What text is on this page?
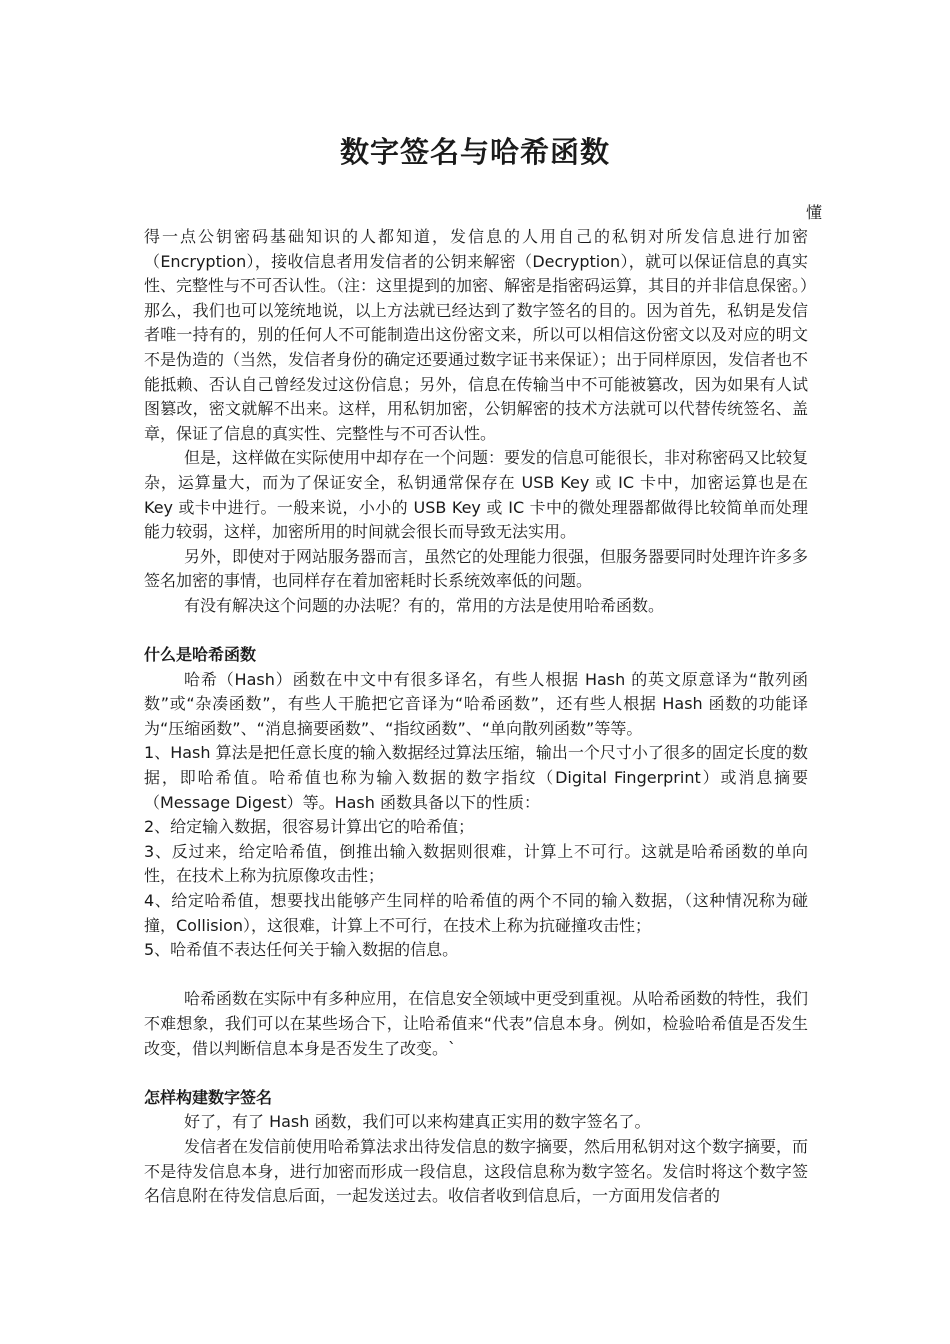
数字签名与哈希函数
懂

得一点公钥密码基础知识的人都知道，发信息的人用自己的私钥对所发信息进行加密（Encryption），接收信息者用发信者的公钥来解密（Decryption），就可以保证信息的真实性、完整性与不可否认性。（注：这里提到的加密、解密是指密码运算，其目的并非信息保密。）那么，我们也可以笼统地说，以上方法就已经达到了数字签名的目的。因为首先，私钥是发信者唯一持有的，别的任何人不可能制造出这份密文来，所以可以相信这份密文以及对应的明文不是伪造的（当然，发信者身份的确定还要通过数字证书来保证）；出于同样原因，发信者也不能抵赖、否认自己曾经发过这份信息；另外，信息在传输当中不可能被篡改，因为如果有人试图篡改，密文就解不出来。这样，用私钥加密，公钥解密的技术方法就可以代替传统签名、盖章，保证了信息的真实性、完整性与不可否认性。

但是，这样做在实际使用中却存在一个问题：要发的信息可能很长，非对称密码又比较复杂，运算量大，而为了保证安全，私钥通常保存在 USB Key 或 IC 卡中，加密运算也是在 Key 或卡中进行。一般来说，小小的 USB Key 或 IC 卡中的微处理器都做得比较简单而处理能力较弱，这样，加密所用的时间就会很长而导致无法实用。

另外，即使对于网站服务器而言，虽然它的处理能力很强，但服务器要同时处理许许多多签名加密的事情，也同样存在着加密耗时长系统效率低的问题。

有没有解决这个问题的办法呢？有的，常用的方法是使用哈希函数。

什么是哈希函数

哈希（Hash）函数在中文中有很多译名，有些人根据 Hash 的英文原意译为“散列函数”或“杂凑函数”，有些人干脆把它音译为“哈希函数”，还有些人根据 Hash 函数的功能译为“压缩函数”、“消息摘要函数”、“指纹函数”、“单向散列函数”等等。

1、Hash 算法是把任意长度的输入数据经过算法压缩，输出一个尺寸小了很多的固定长度的数据，即哈希值。哈希值也称为输入数据的数字指纹（Digital Fingerprint）或消息摘要（Message Digest）等。Hash 函数具备以下的性质：

2、给定输入数据，很容易计算出它的哈希值；

3、反过来，给定哈希值，倒推出输入数据则很难，计算上不可行。这就是哈希函数的单向性，在技术上称为抗原像攻击性；

4、给定哈希值，想要找出能够产生同样的哈希值的两个不同的输入数据，（这种情况称为碰撞，Collision），这很难，计算上不可行，在技术上称为抗碰撞攻击性；

5、哈希值不表达任何关于输入数据的信息。

哈希函数在实际中有多种应用，在信息安全领域中更受到重视。从哈希函数的特性，我们不难想象，我们可以在某些场合下，让哈希值来“代表”信息本身。例如，检验哈希值是否发生改变，借以判断信息本身是否发生了改变。`

怎样构建数字签名

好了，有了 Hash 函数，我们可以来构建真正实用的数字签名了。

发信者在发信前使用哈希算法求出待发信息的数字摘要，然后用私钥对这个数字摘要，而不是待发信息本身，进行加密而形成一段信息，这段信息称为数字签名。发信时将这个数字签名信息附在待发信息后面，一起发送过去。收信者收到信息后，一方面用发信者的
